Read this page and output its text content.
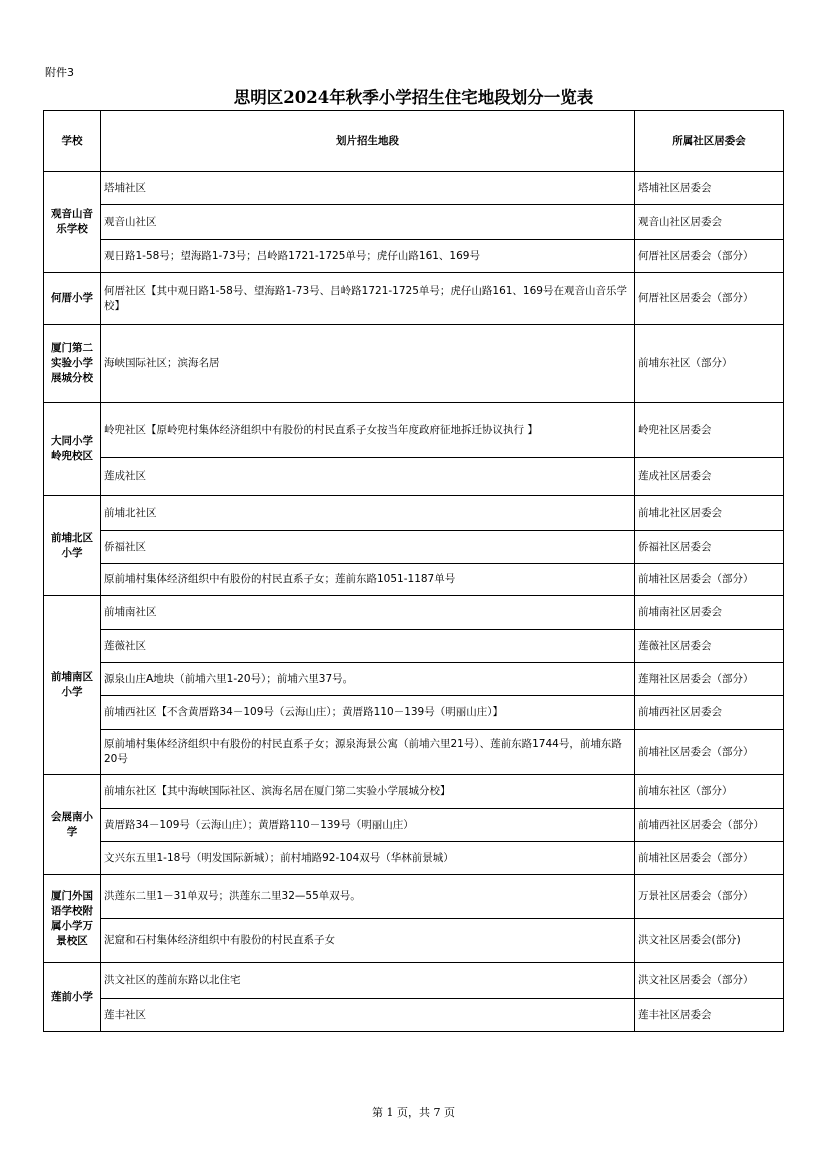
附件3
思明区2024年秋季小学招生住宅地段划分一览表
学校	划片招生地段	所属社区居委会
观音山音乐学校	塔埔社区	塔埔社区居委会
	观音山社区	观音山社区居委会
	观日路1-58号；望海路1-73号；吕岭路1721-1725单号；虎仔山路161、169号	何厝社区居委会（部分）
何厝小学	何厝社区【其中观日路1-58号、望海路1-73号、吕岭路1721-1725单号；虎仔山路161、169号在观音山音乐学校】	何厝社区居委会（部分）
厦门第二实验小学展城分校	海峡国际社区；滨海名居	前埔东社区（部分）
大同小学岭兜校区	岭兜社区【原岭兜村集体经济组织中有股份的村民直系子女按当年度政府征地拆迁协议执行 】	岭兜社区居委会
	莲成社区	莲成社区居委会
前埔北区小学	前埔北社区	前埔北社区居委会
	侨福社区	侨福社区居委会
	原前埔村集体经济组织中有股份的村民直系子女；莲前东路1051-1187单号	前埔社区居委会（部分）
前埔南区小学	前埔南社区	前埔南社区居委会
	莲薇社区	莲薇社区居委会
	源泉山庄A地块（前埔六里1-20号）；前埔六里37号。	莲翔社区居委会（部分）
	前埔西社区【不含黄厝路34－109号（云海山庄）；黄厝路110－139号（明丽山庄）】	前埔西社区居委会
	原前埔村集体经济组织中有股份的村民直系子女；源泉海景公寓（前埔六里21号）、莲前东路1744号，前埔东路20号	前埔社区居委会（部分）
会展南小学	前埔东社区【其中海峡国际社区、滨海名居在厦门第二实验小学展城分校】	前埔东社区（部分）
	黄厝路34－109号（云海山庄）；黄厝路110－139号（明丽山庄）	前埔西社区居委会（部分）
	文兴东五里1-18号（明发国际新城）；前村埔路92-104双号（华林前景城）	前埔社区居委会（部分）
厦门外国语学校附属小学万景校区	洪莲东二里1－31单双号；洪莲东二里32—55单双号。	万景社区居委会（部分）
	泥窟和石村集体经济组织中有股份的村民直系子女	洪文社区居委会(部分)
莲前小学	洪文社区的莲前东路以北住宅	洪文社区居委会（部分）
	莲丰社区	莲丰社区居委会
第 1 页，共 7 页
